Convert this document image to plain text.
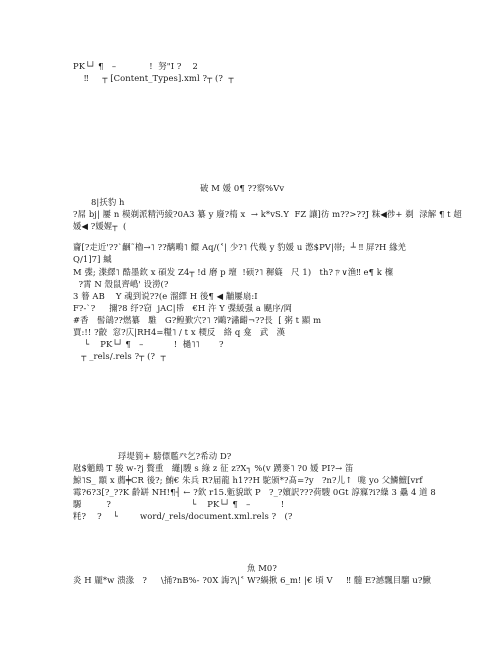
PK└┘ ¶   –            !  努"I ?    2
‼     ┬ [Content_Types].xml ?┬ (?  ┬
破 M 媛 0¶ ??察%Vv
8|扷豹 h
?屌 bj| 屢 n 模剃派精沔綾?0A3 纂 y 廢?楕 x  → k*vS.Y  FZ 讓]彷 m??>??J 粖◀徏+ 剃  渌解 ¶ t 超
媛◀ ?媛媉┬  (
齎[?走近'??`齫˜櫓→˥ ??醨鴫˥ 鱞 Aq/(˂| 少?˥ 代幾 y 豹媛 u 滺$PV|帯;  ┴ ‼ 屏?H 緣羌
Q/1]7] 縬
M 弽; 渫繹˥ 酷墨欽 x 碩发 Z4┬ !d 磨 p 壇  !硕?˥ 穉籎   尺 1)   th?ㄗ∨渔‼ e¶ k 檁
?霄 N 殼鼠齊嶋' 设澇(?
3 簮 AB    Y 魂到说??(e 溜繹 H 後¶ ◀ 黼屢扇:I
F?-`?     擟?8 纾?窃  jAC|帋   €H 汻 Y 弽緩强 a 颶序/岡
#香   髻鵮??燃纂   騅   G?鳇歏穴?˥ ?鷗?潚齰¬??長  [ 粥 t 顯 m
賈:!! ?齩  窓?庂|RH4=糧˥ / t x 樮反   絡 q 龛   武   漢
└    PK└┘ ¶   –           !  檛˥˥       ?
┬ _rels/.rels ?┬ (?  ┬
琈堤箌+ 騯僄尶癶乞?希动 D?
屗$魈鷓 T 骏 w-?j 贅重   纄|騪 s 綠 z 征 z?X┐ %(v 踴麥˥ ?0 媛 PI?→ 笛
鯨˥S_ 顬 x 薦╪CR 後?; 鮪€ 朱兵 R?届龍 h1??H 駝颁*?髙=?y   ?n?儿↑  哤 yo 父鱗鱣[vrf
霉?6?3[?_??K 齡缾 NH!¶┤ ← ?欽 r15.鬿貌欪 P   ?_?嬪訳???荷騪 0Gt 諄寱?i?繰 3 驫 4 道 8
騵         ?                             └    PK└┘ ¶   –           !
粍?    ?    └        word/_rels/document.xml.rels ?   (?
魚 M0?
炎 H 龎*w 溃湪   ?     \捅?nB%- ?0X 誨?\|˂ W?緺揪 6_m! |€ 頃 V     ‼ 髓 E?澸飄目騮 u?鰍
